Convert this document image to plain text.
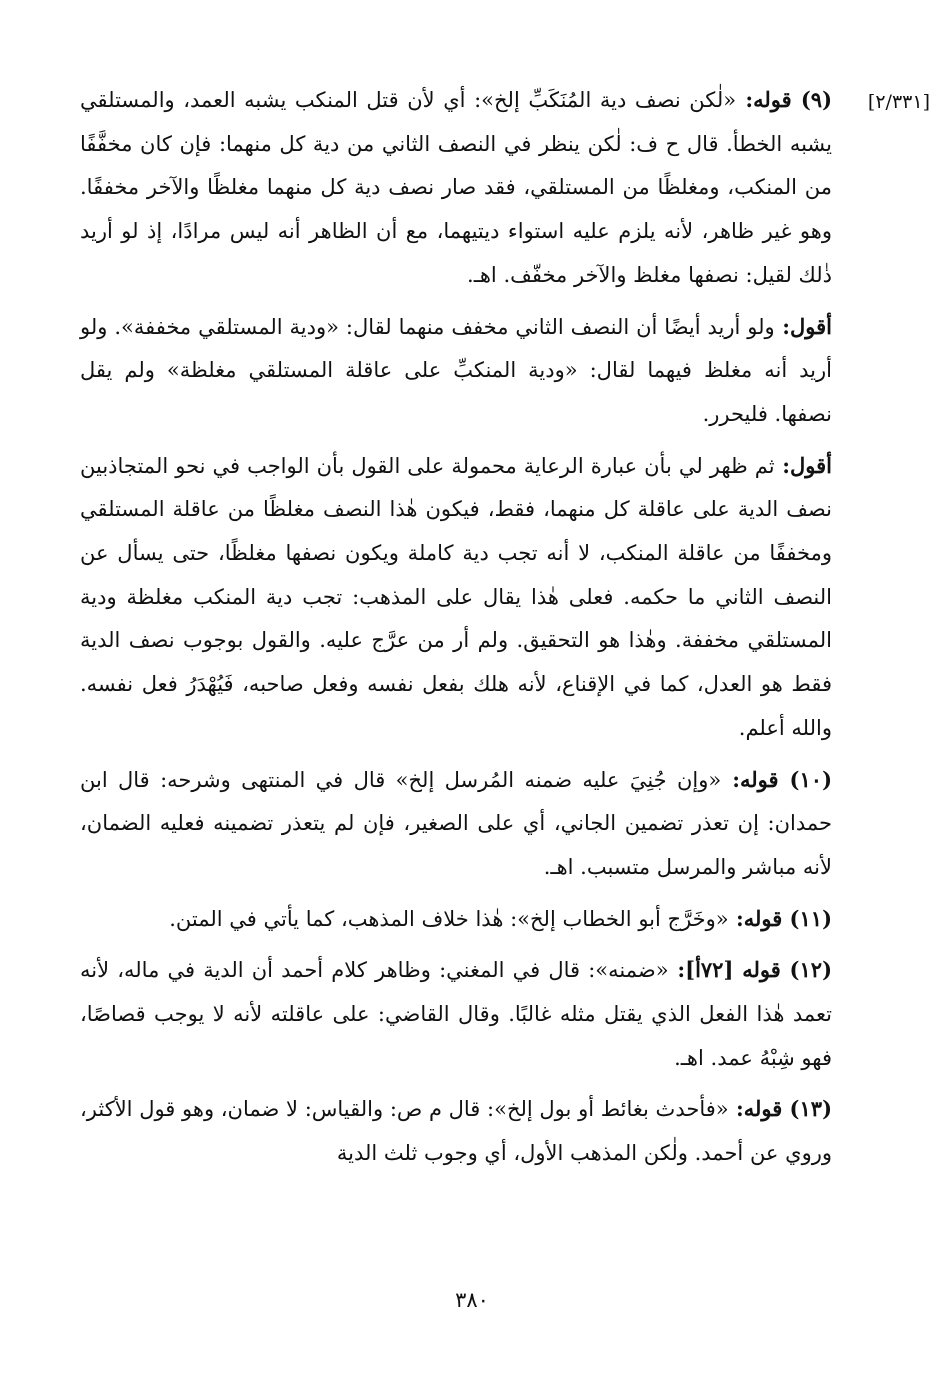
[٢/٣٣١]

(٩) قوله: «لٰكن نصف دية المُنَكَبِّ إلخ»: أي لأن قتل المنكب يشبه العمد، والمستلقي يشبه الخطأ. قال ح ف: لٰكن ينظر في النصف الثاني من دية كل منهما: فإن كان مخفَّفًا من المنكب، ومغلظًا من المستلقي، فقد صار نصف دية كل منهما مغلظًا والآخر مخففًا. وهو غير ظاهر، لأنه يلزم عليه استواء ديتيهما، مع أن الظاهر أنه ليس مرادًا، إذ لو أريد ذٰلك لقيل: نصفها مغلظ والآخر مخفّف. اهـ.

أقول: ولو أريد أيضًا أن النصف الثاني مخفف منهما لقال: «ودية المستلقي مخففة». ولو أريد أنه مغلظ فيهما لقال: «ودية المنكبِّ على عاقلة المستلقي مغلظة» ولم يقل نصفها. فليحرر.

أقول: ثم ظهر لي بأن عبارة الرعاية محمولة على القول بأن الواجب في نحو المتجاذبين نصف الدية على عاقلة كل منهما، فقط، فيكون هٰذا النصف مغلظًا من عاقلة المستلقي ومخففًا من عاقلة المنكب، لا أنه تجب دية كاملة ويكون نصفها مغلظًا، حتى يسأل عن النصف الثاني ما حكمه. فعلى هٰذا يقال على المذهب: تجب دية المنكب مغلظة ودية المستلقي مخففة. وهٰذا هو التحقيق. ولم أر من عرَّج عليه. والقول بوجوب نصف الدية فقط هو العدل، كما في الإقناع، لأنه هلك بفعل نفسه وفعل صاحبه، فَيُهْدَرُ فعل نفسه. والله أعلم.

(١٠) قوله: «وإن جُنِيَ عليه ضمنه المُرسل إلخ» قال في المنتهى وشرحه: قال ابن حمدان: إن تعذر تضمين الجاني، أي على الصغير، فإن لم يتعذر تضمينه فعليه الضمان، لأنه مباشر والمرسل متسبب. اهـ.

(١١) قوله: «وخَرَّج أبو الخطاب إلخ»: هٰذا خلاف المذهب، كما يأتي في المتن.

(١٢) قوله [٧٢أ]: «ضمنه»: قال في المغني: وظاهر كلام أحمد أن الدية في ماله، لأنه تعمد هٰذا الفعل الذي يقتل مثله غالبًا. وقال القاضي: على عاقلته لأنه لا يوجب قصاصًا، فهو شِبْهُ عمد. اهـ.

(١٣) قوله: «فأحدث بغائط أو بول إلخ»: قال م ص: والقياس: لا ضمان، وهو قول الأكثر، وروي عن أحمد. ولٰكن المذهب الأول، أي وجوب ثلث الدية

٣٨٠
